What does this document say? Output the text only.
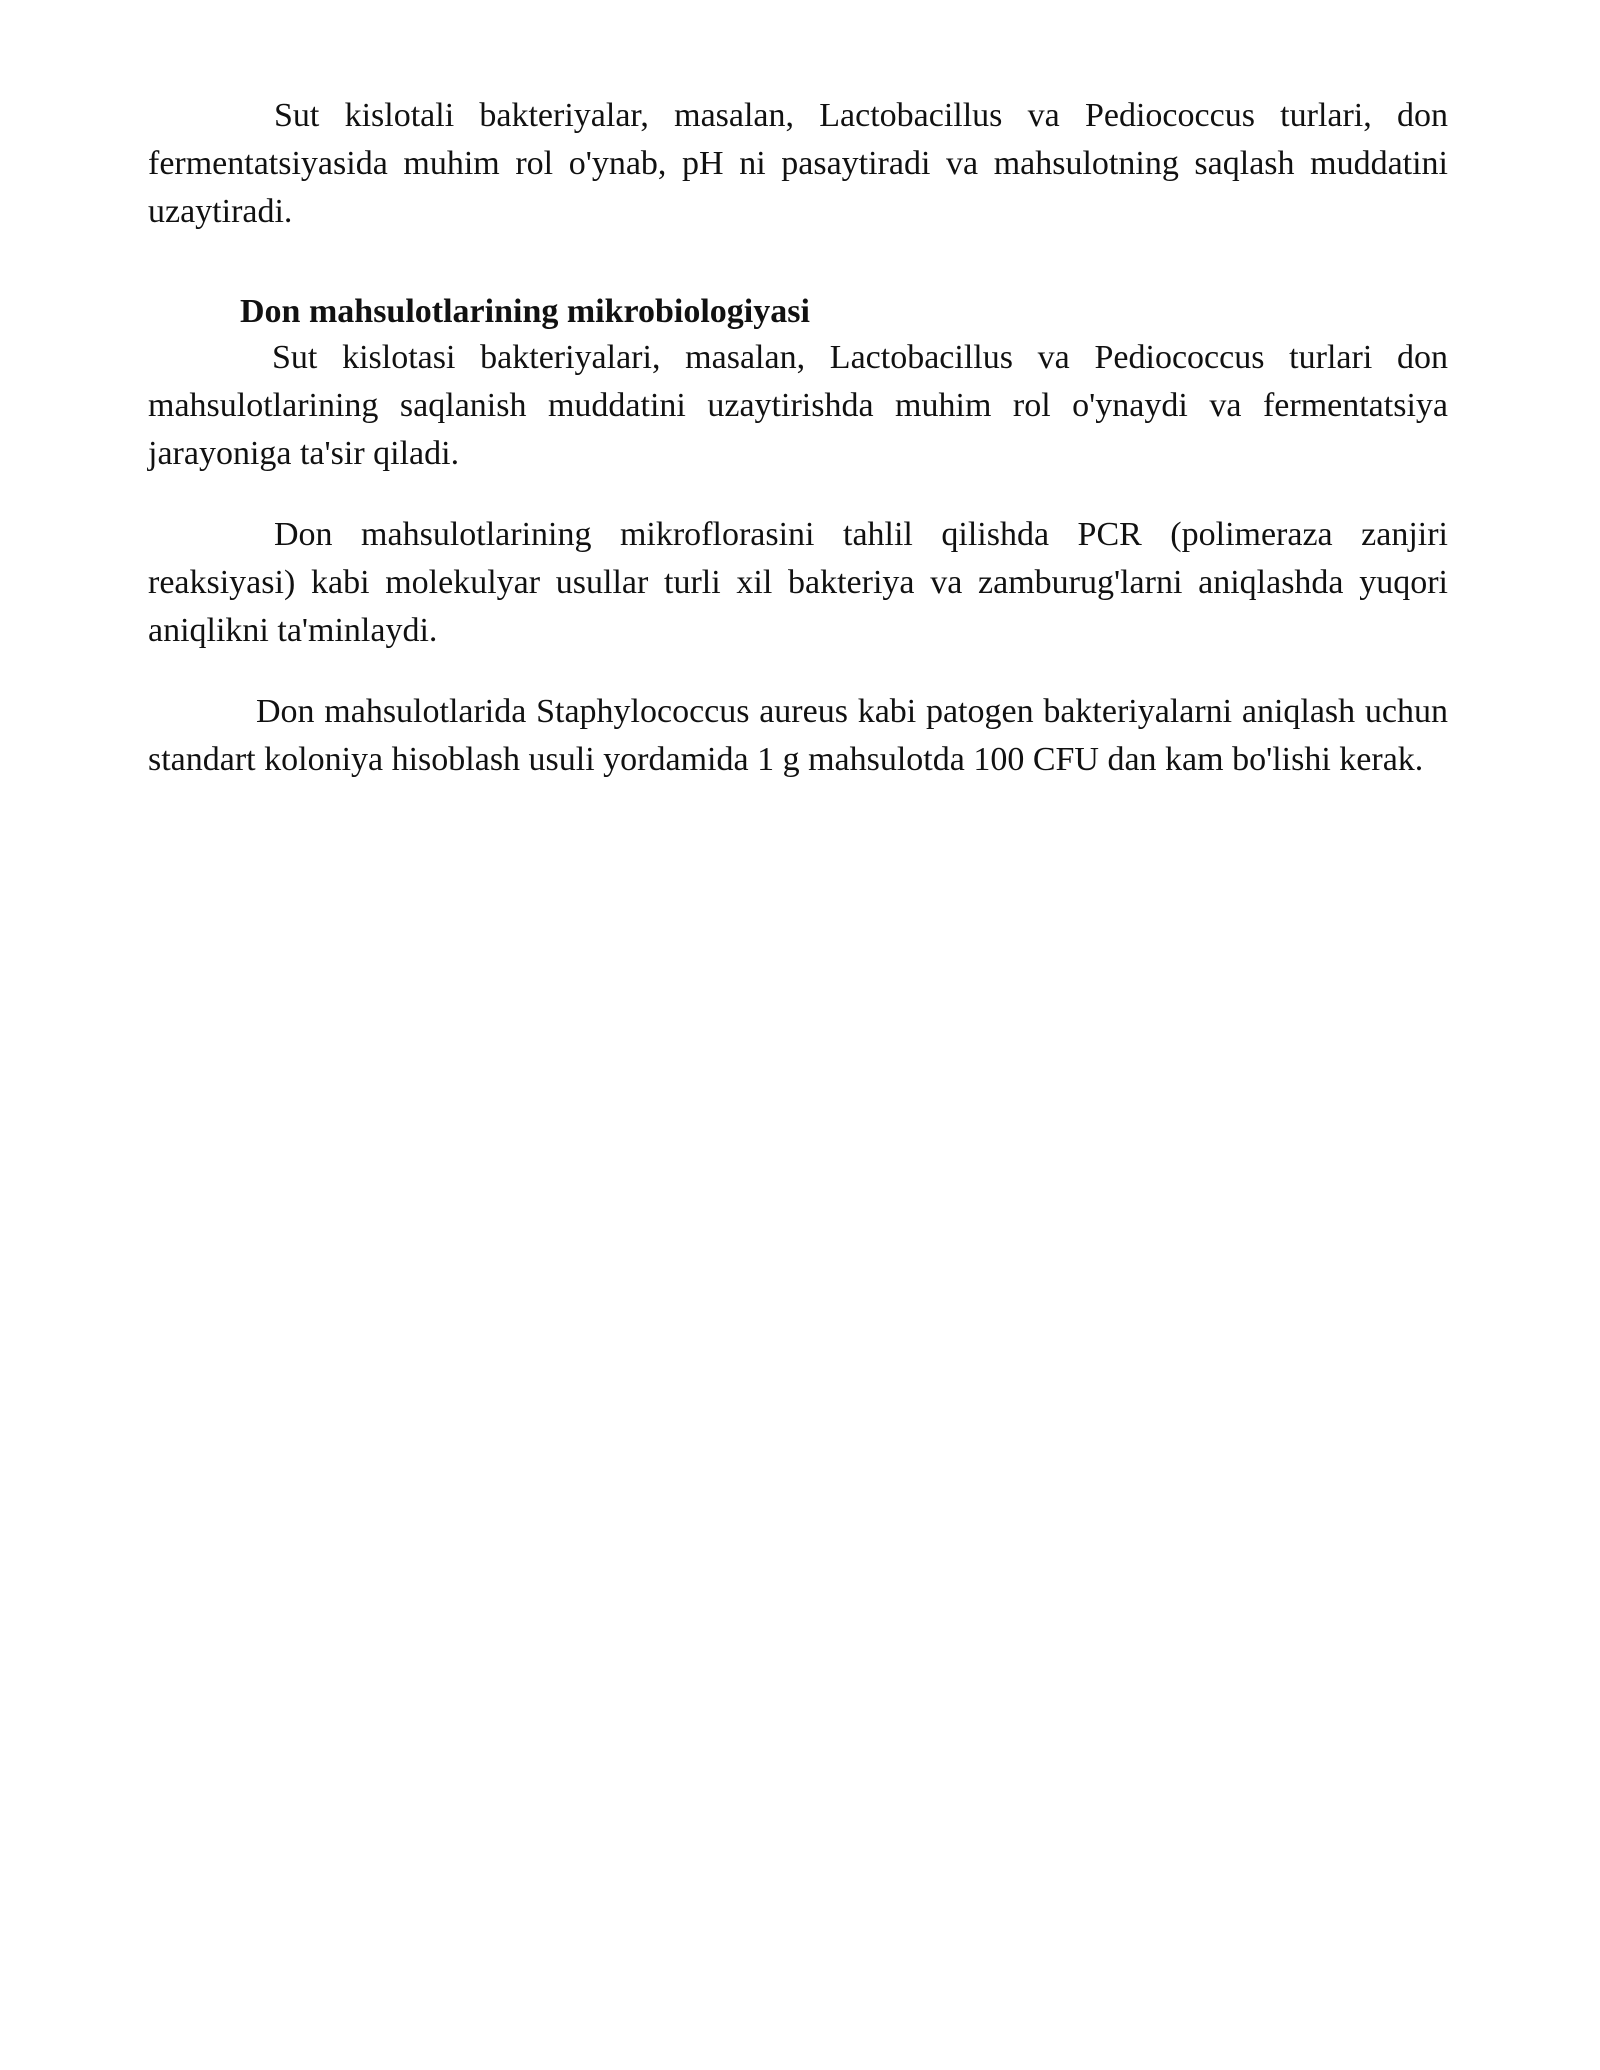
Sut kislotali bakteriyalar, masalan, Lactobacillus va Pediococcus turlari, don fermentatsiyasida muhim rol o'ynab, pH ni pasaytiradi va mahsulotning saqlash muddatini uzaytiradi.

Don mahsulotlarining mikrobiologiyasi

Sut kislotasi bakteriyalari, masalan, Lactobacillus va Pediococcus turlari don mahsulotlarining saqlanish muddatini uzaytirishda muhim rol o'ynaydi va fermentatsiya jarayoniga ta'sir qiladi.

Don mahsulotlarining mikroflorasini tahlil qilishda PCR (polimeraza zanjiri reaksiyasi) kabi molekulyar usullar turli xil bakteriya va zamburug'larni aniqlashda yuqori aniqlikni ta'minlaydi.

Don mahsulotlarida Staphylococcus aureus kabi patogen bakteriyalarni aniqlash uchun standart koloniya hisoblash usuli yordamida 1 g mahsulotda 100 CFU dan kam bo'lishi kerak.
